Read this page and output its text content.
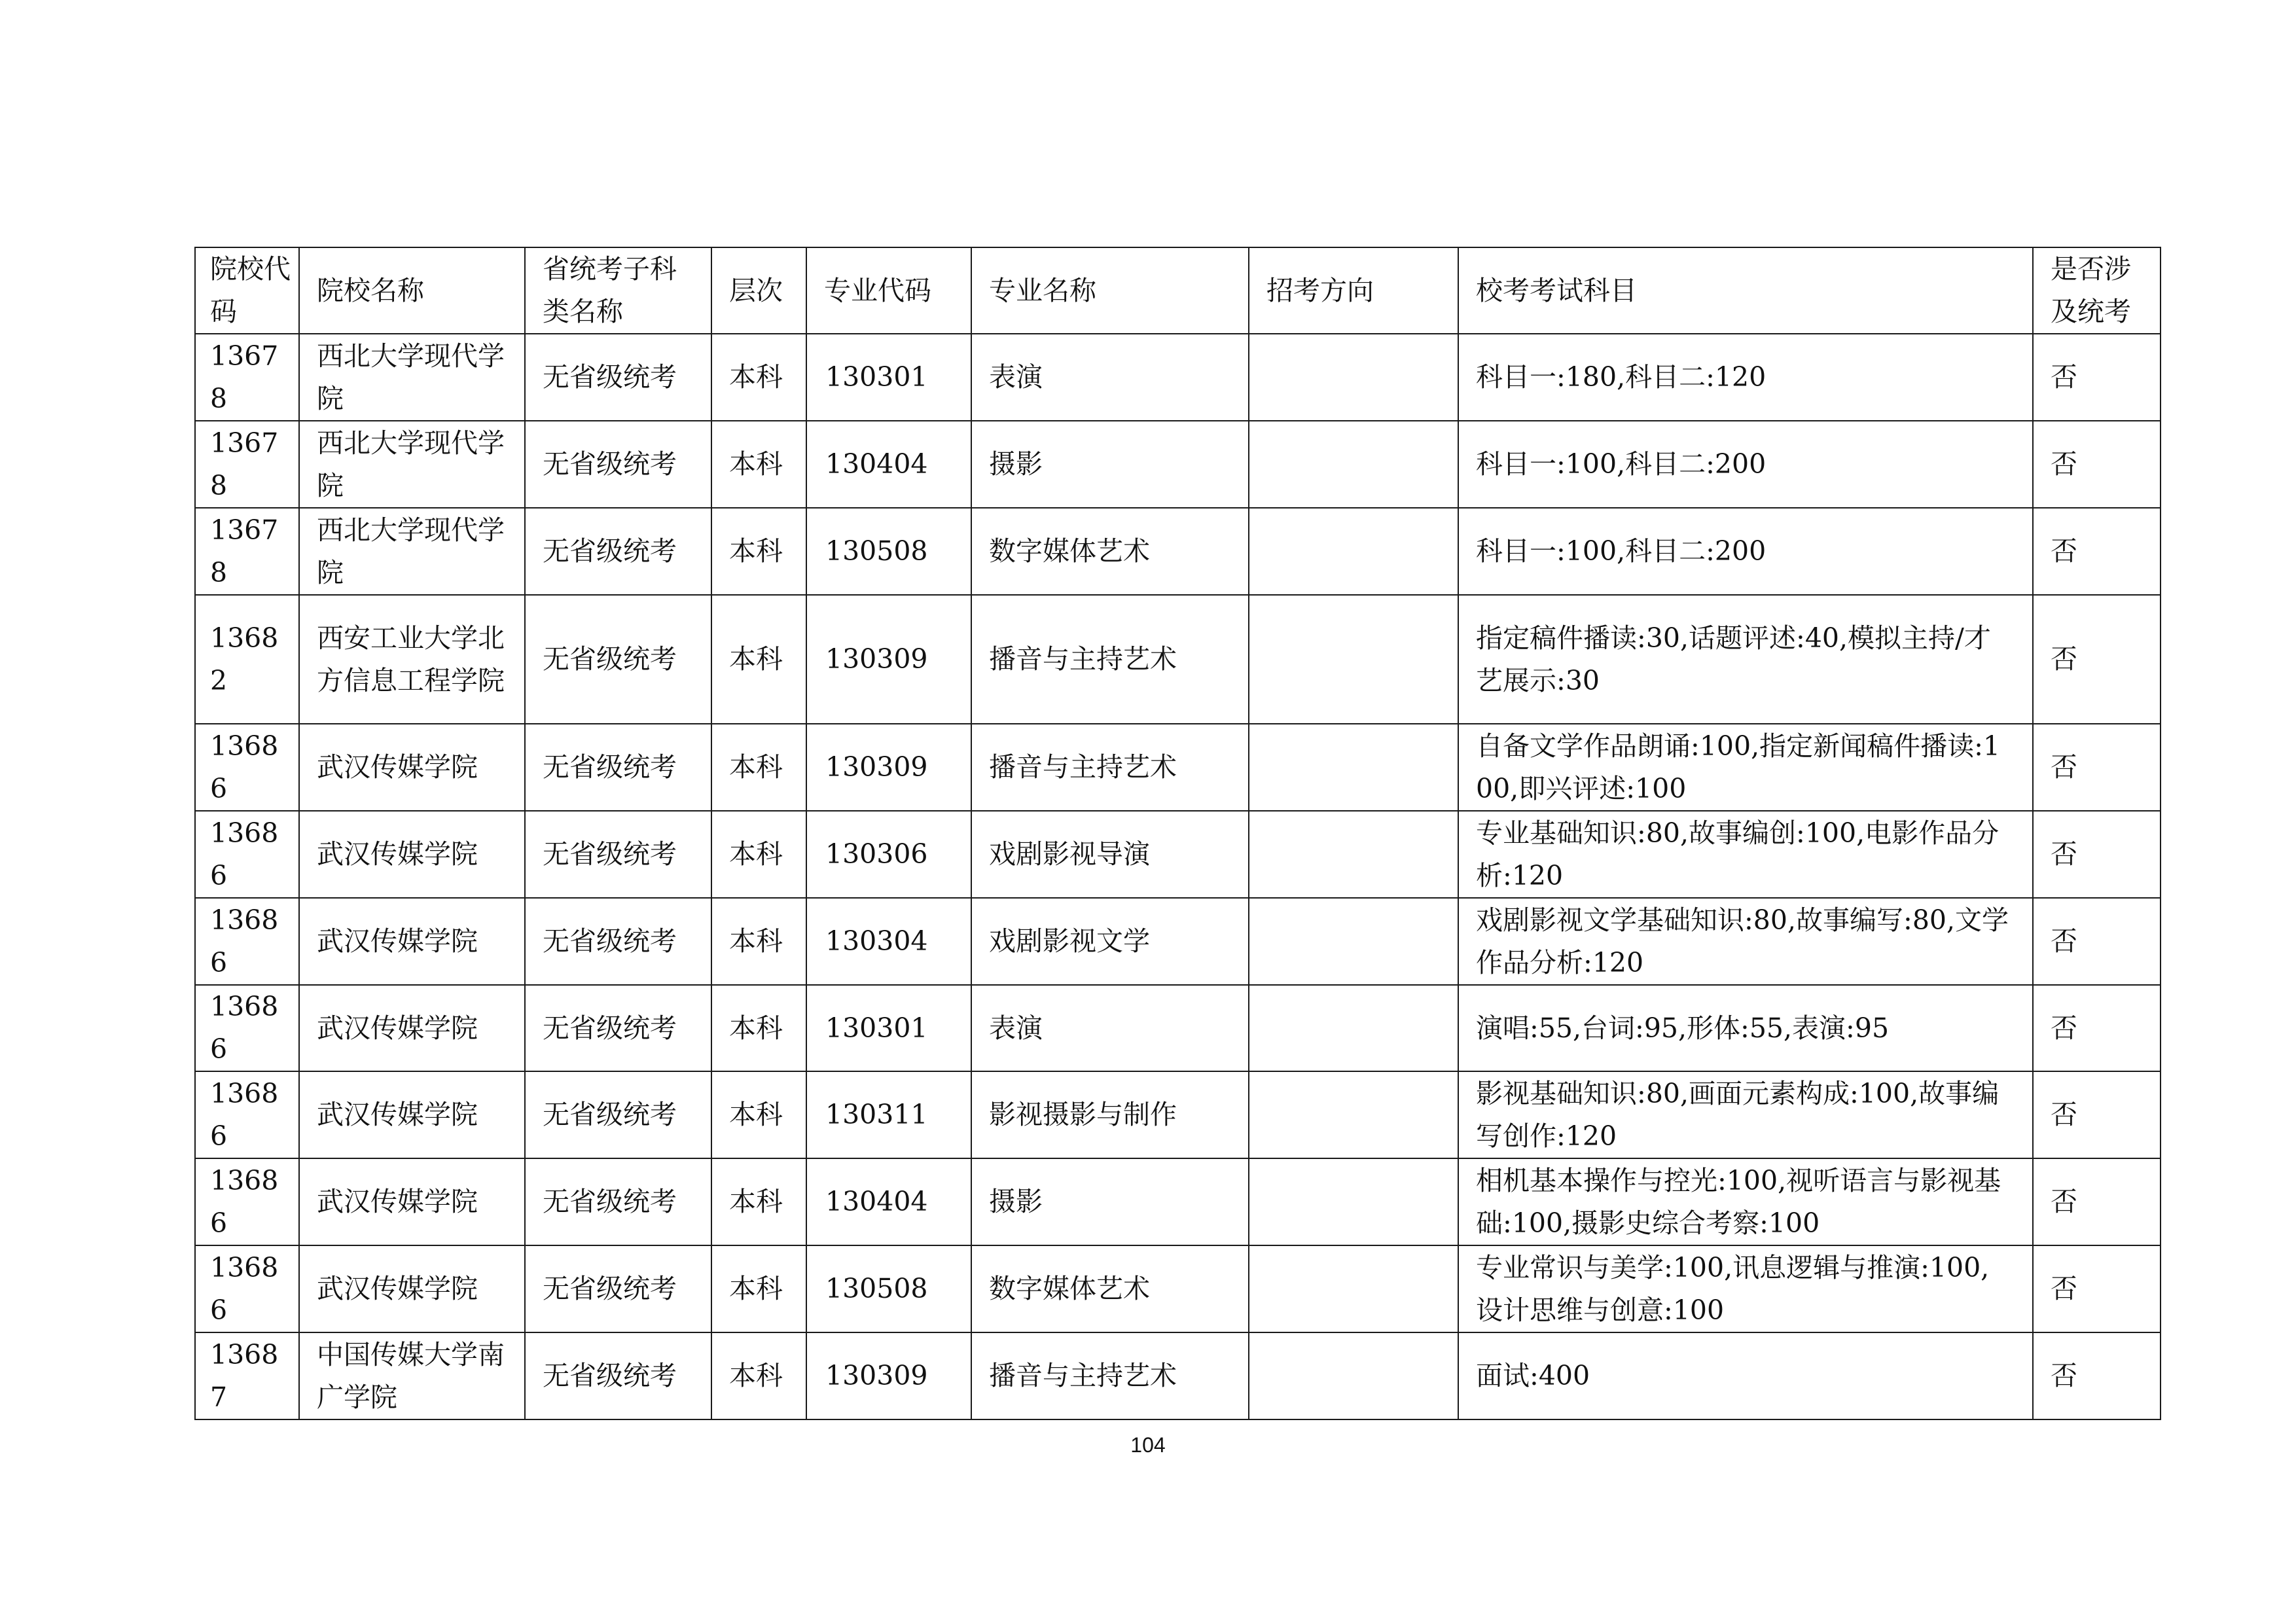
院校代码	院校名称	省统考子科类名称	层次	专业代码	专业名称	招考方向	校考考试科目	是否涉及统考
13678	西北大学现代学院	无省级统考	本科	130301	表演		科目一:180,科目二:120	否
13678	西北大学现代学院	无省级统考	本科	130404	摄影		科目一:100,科目二:200	否
13678	西北大学现代学院	无省级统考	本科	130508	数字媒体艺术		科目一:100,科目二:200	否
13682	西安工业大学北方信息工程学院	无省级统考	本科	130309	播音与主持艺术		指定稿件播读:30,话题评述:40,模拟主持/才艺展示:30	否
13686	武汉传媒学院	无省级统考	本科	130309	播音与主持艺术		自备文学作品朗诵:100,指定新闻稿件播读:100,即兴评述:100	否
13686	武汉传媒学院	无省级统考	本科	130306	戏剧影视导演		专业基础知识:80,故事编创:100,电影作品分析:120	否
13686	武汉传媒学院	无省级统考	本科	130304	戏剧影视文学		戏剧影视文学基础知识:80,故事编写:80,文学作品分析:120	否
13686	武汉传媒学院	无省级统考	本科	130301	表演		演唱:55,台词:95,形体:55,表演:95	否
13686	武汉传媒学院	无省级统考	本科	130311	影视摄影与制作		影视基础知识:80,画面元素构成:100,故事编写创作:120	否
13686	武汉传媒学院	无省级统考	本科	130404	摄影		相机基本操作与控光:100,视听语言与影视基础:100,摄影史综合考察:100	否
13686	武汉传媒学院	无省级统考	本科	130508	数字媒体艺术		专业常识与美学:100,讯息逻辑与推演:100,设计思维与创意:100	否
13687	中国传媒大学南广学院	无省级统考	本科	130309	播音与主持艺术		面试:400	否
104
